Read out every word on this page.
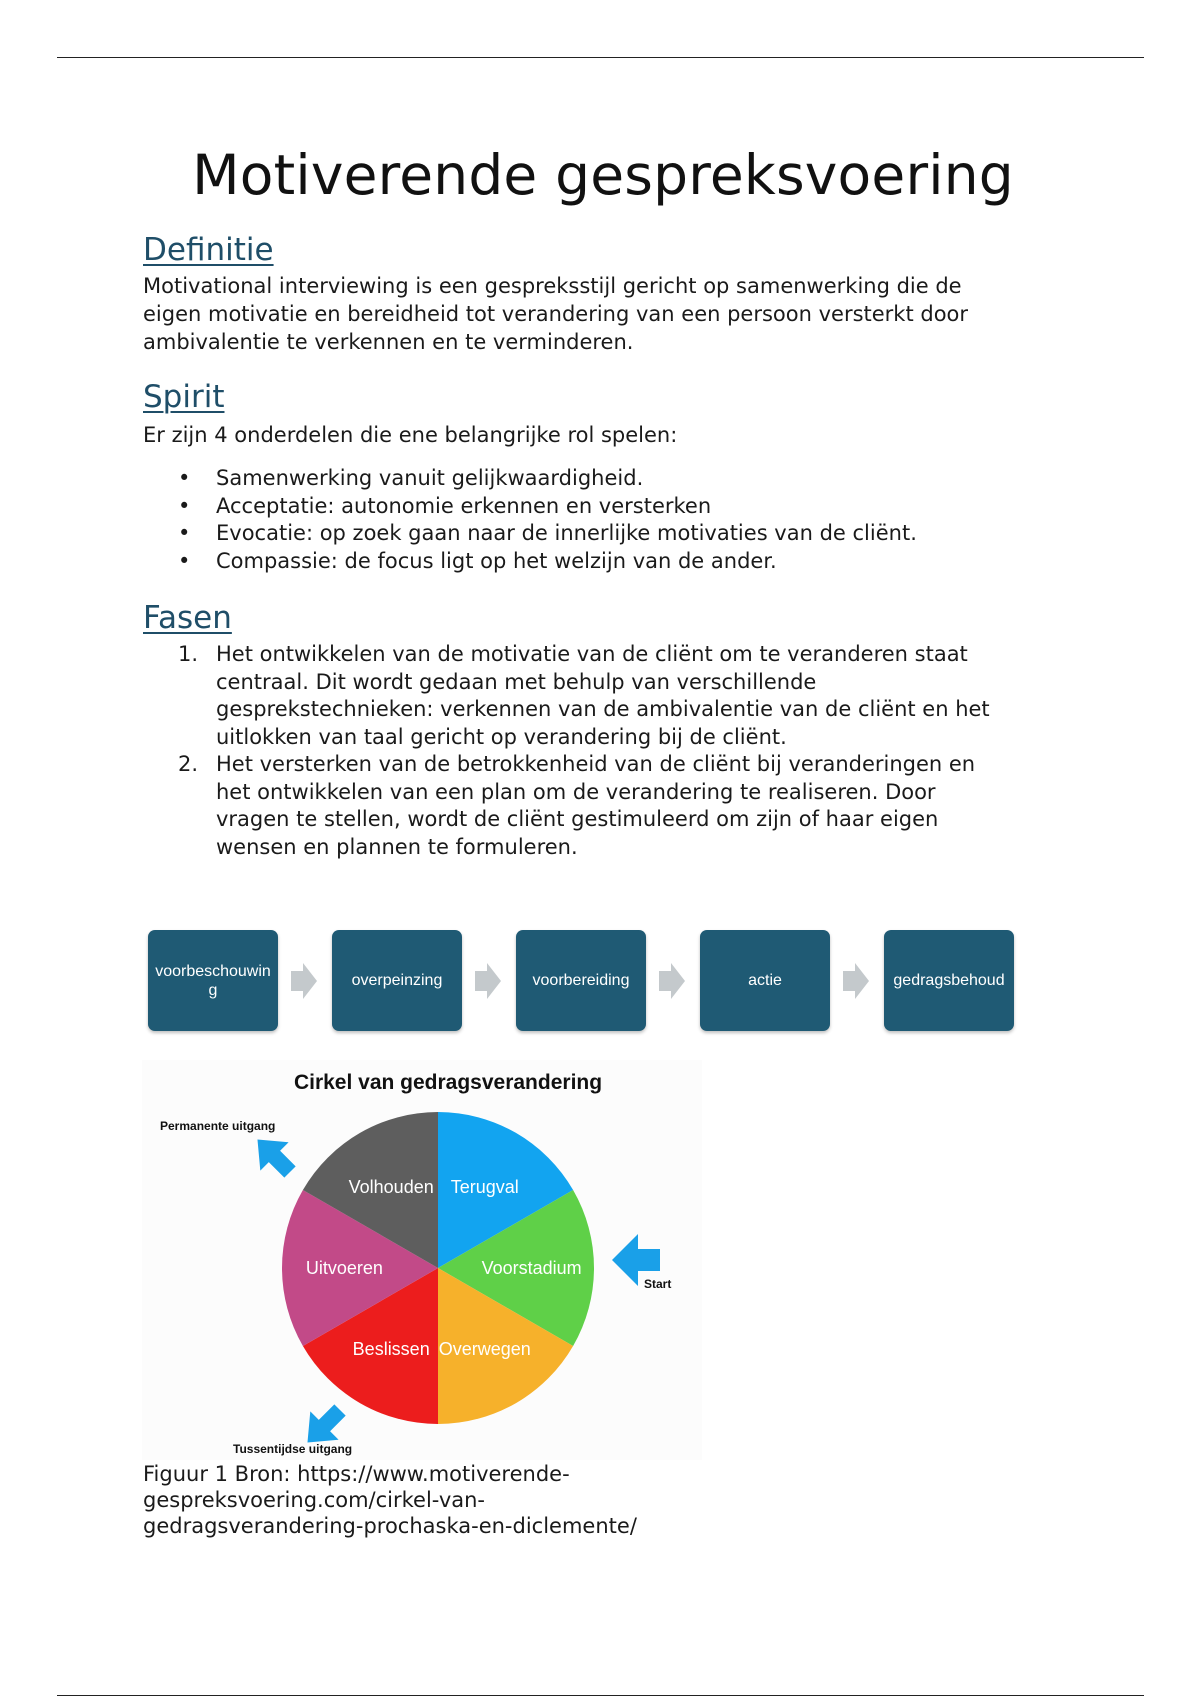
Motiverende gespreksvoering
Definitie

Motivational interviewing is een gespreksstijl gericht op samenwerking die de
eigen motivatie en bereidheid tot verandering van een persoon versterkt door
ambivalentie te verkennen en te verminderen.

Spirit

Er zijn 4 onderdelen die ene belangrijke rol spelen:

• Samenwerking vanuit gelijkwaardigheid.
• Acceptatie: autonomie erkennen en versterken
• Evocatie: op zoek gaan naar de innerlijke motivaties van de cliënt.
• Compassie: de focus ligt op het welzijn van de ander.
Fasen
1. Het ontwikkelen van de motivatie van de cliënt om te veranderen staat
centraal. Dit wordt gedaan met behulp van verschillende
gesprekstechnieken: verkennen van de ambivalentie van de cliënt en het
uitlokken van taal gericht op verandering bij de cliënt.
2. Het versterken van de betrokkenheid van de cliënt bij veranderingen en
het ontwikkelen van een plan om de verandering te realiseren. Door
vragen te stellen, wordt de cliënt gestimuleerd om zijn of haar eigen
wensen en plannen te formuleren.
voorbeschouwin
g
overpeinzing	voorbereiding	actie	gedragsbehoud
Cirkel van gedragsverandering
Terugval
Voorstadium
Overwegen
Beslissen
Uitvoeren
Volhouden
Permanente uitgang
Start
Tussentijdse uitgang

Figuur 1 Bron: https://www.motiverende-
gespreksvoering.com/cirkel-van-
gedragsverandering-prochaska-en-diclemente/
